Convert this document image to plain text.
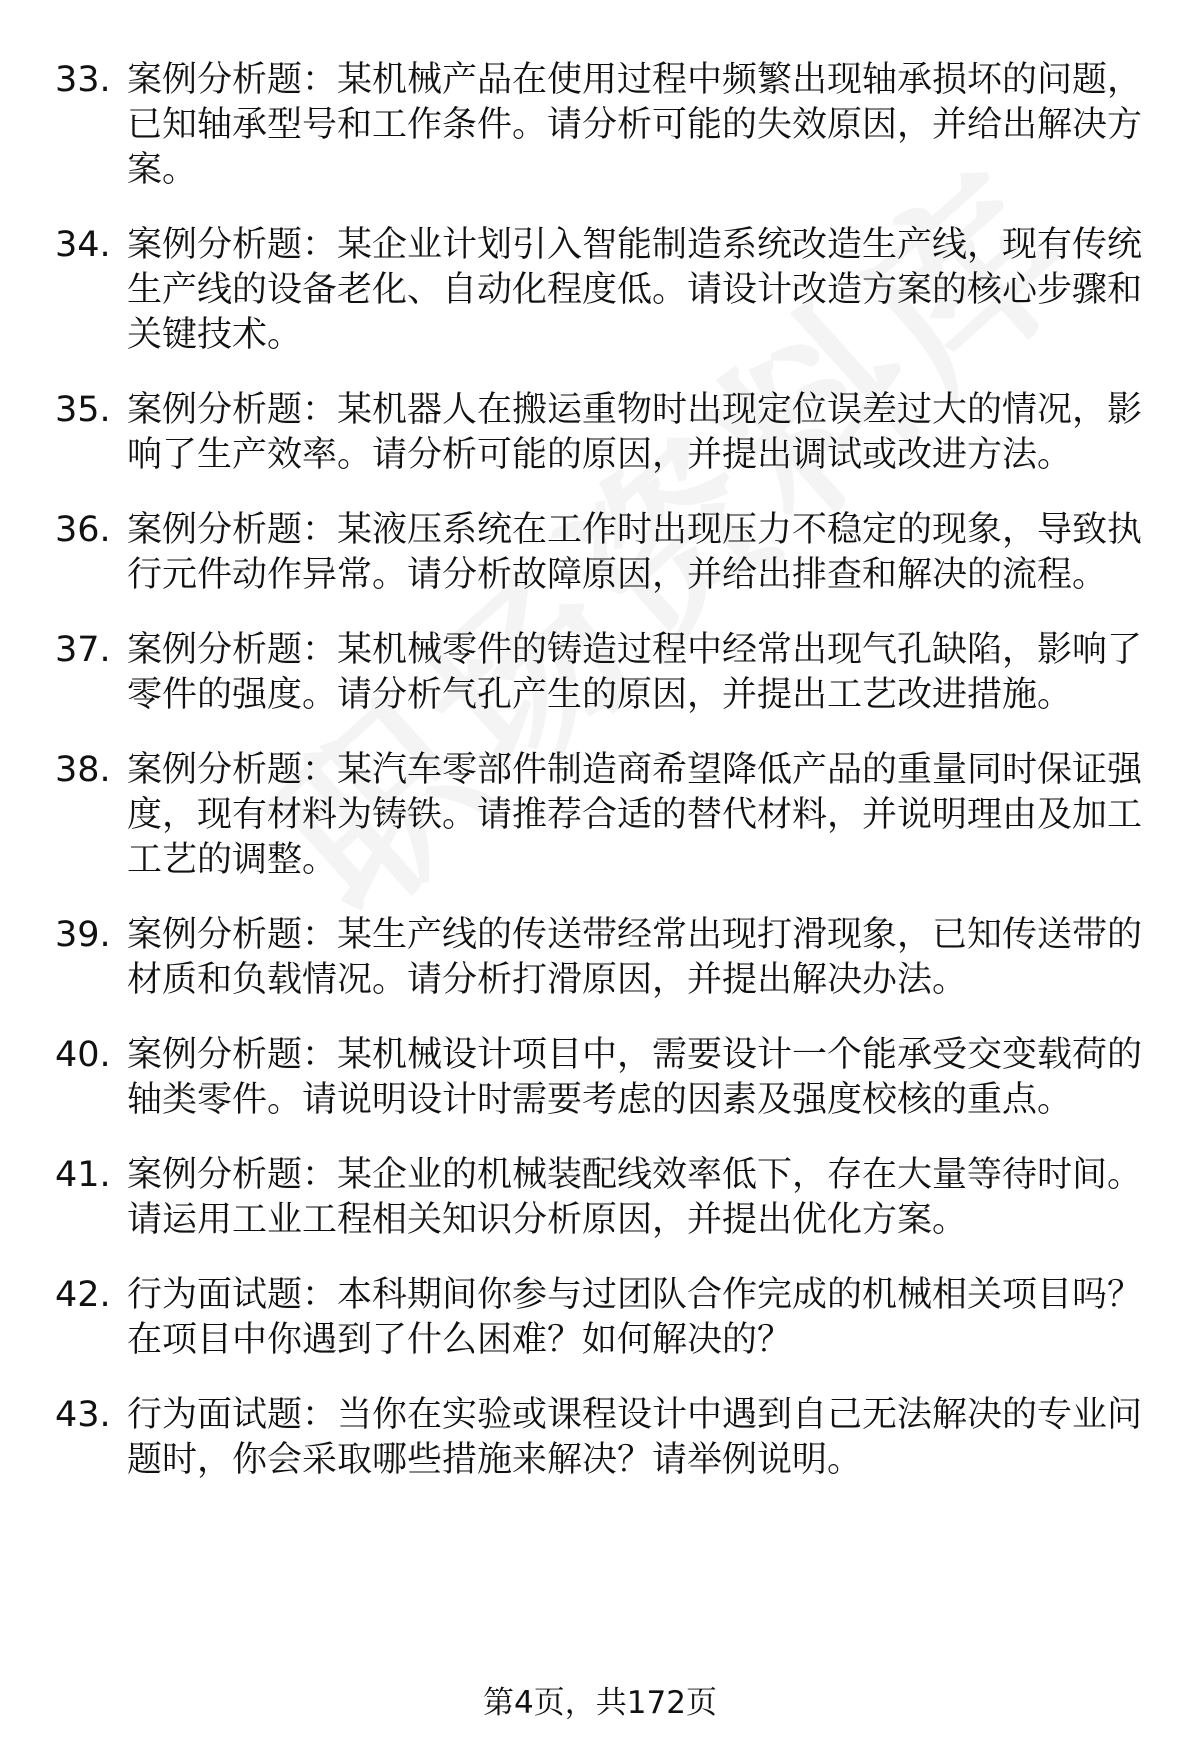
33. 案例分析题：某机械产品在使用过程中频繁出现轴承损坏的问题，已知轴承型号和工作条件。请分析可能的失效原因，并给出解决方案。
34. 案例分析题：某企业计划引入智能制造系统改造生产线，现有传统生产线的设备老化、自动化程度低。请设计改造方案的核心步骤和关键技术。
35. 案例分析题：某机器人在搬运重物时出现定位误差过大的情况，影响了生产效率。请分析可能的原因，并提出调试或改进方法。
36. 案例分析题：某液压系统在工作时出现压力不稳定的现象，导致执行元件动作异常。请分析故障原因，并给出排查和解决的流程。
37. 案例分析题：某机械零件的铸造过程中经常出现气孔缺陷，影响了零件的强度。请分析气孔产生的原因，并提出工艺改进措施。
38. 案例分析题：某汽车零部件制造商希望降低产品的重量同时保证强度，现有材料为铸铁。请推荐合适的替代材料，并说明理由及加工工艺的调整。
39. 案例分析题：某生产线的传送带经常出现打滑现象，已知传送带的材质和负载情况。请分析打滑原因，并提出解决办法。
40. 案例分析题：某机械设计项目中，需要设计一个能承受交变载荷的轴类零件。请说明设计时需要考虑的因素及强度校核的重点。
41. 案例分析题：某企业的机械装配线效率低下，存在大量等待时间。请运用工业工程相关知识分析原因，并提出优化方案。
42. 行为面试题：本科期间你参与过团队合作完成的机械相关项目吗？在项目中你遇到了什么困难？如何解决的？
43. 行为面试题：当你在实验或课程设计中遇到自己无法解决的专业问题时，你会采取哪些措施来解决？请举例说明。
第4页，共172页
